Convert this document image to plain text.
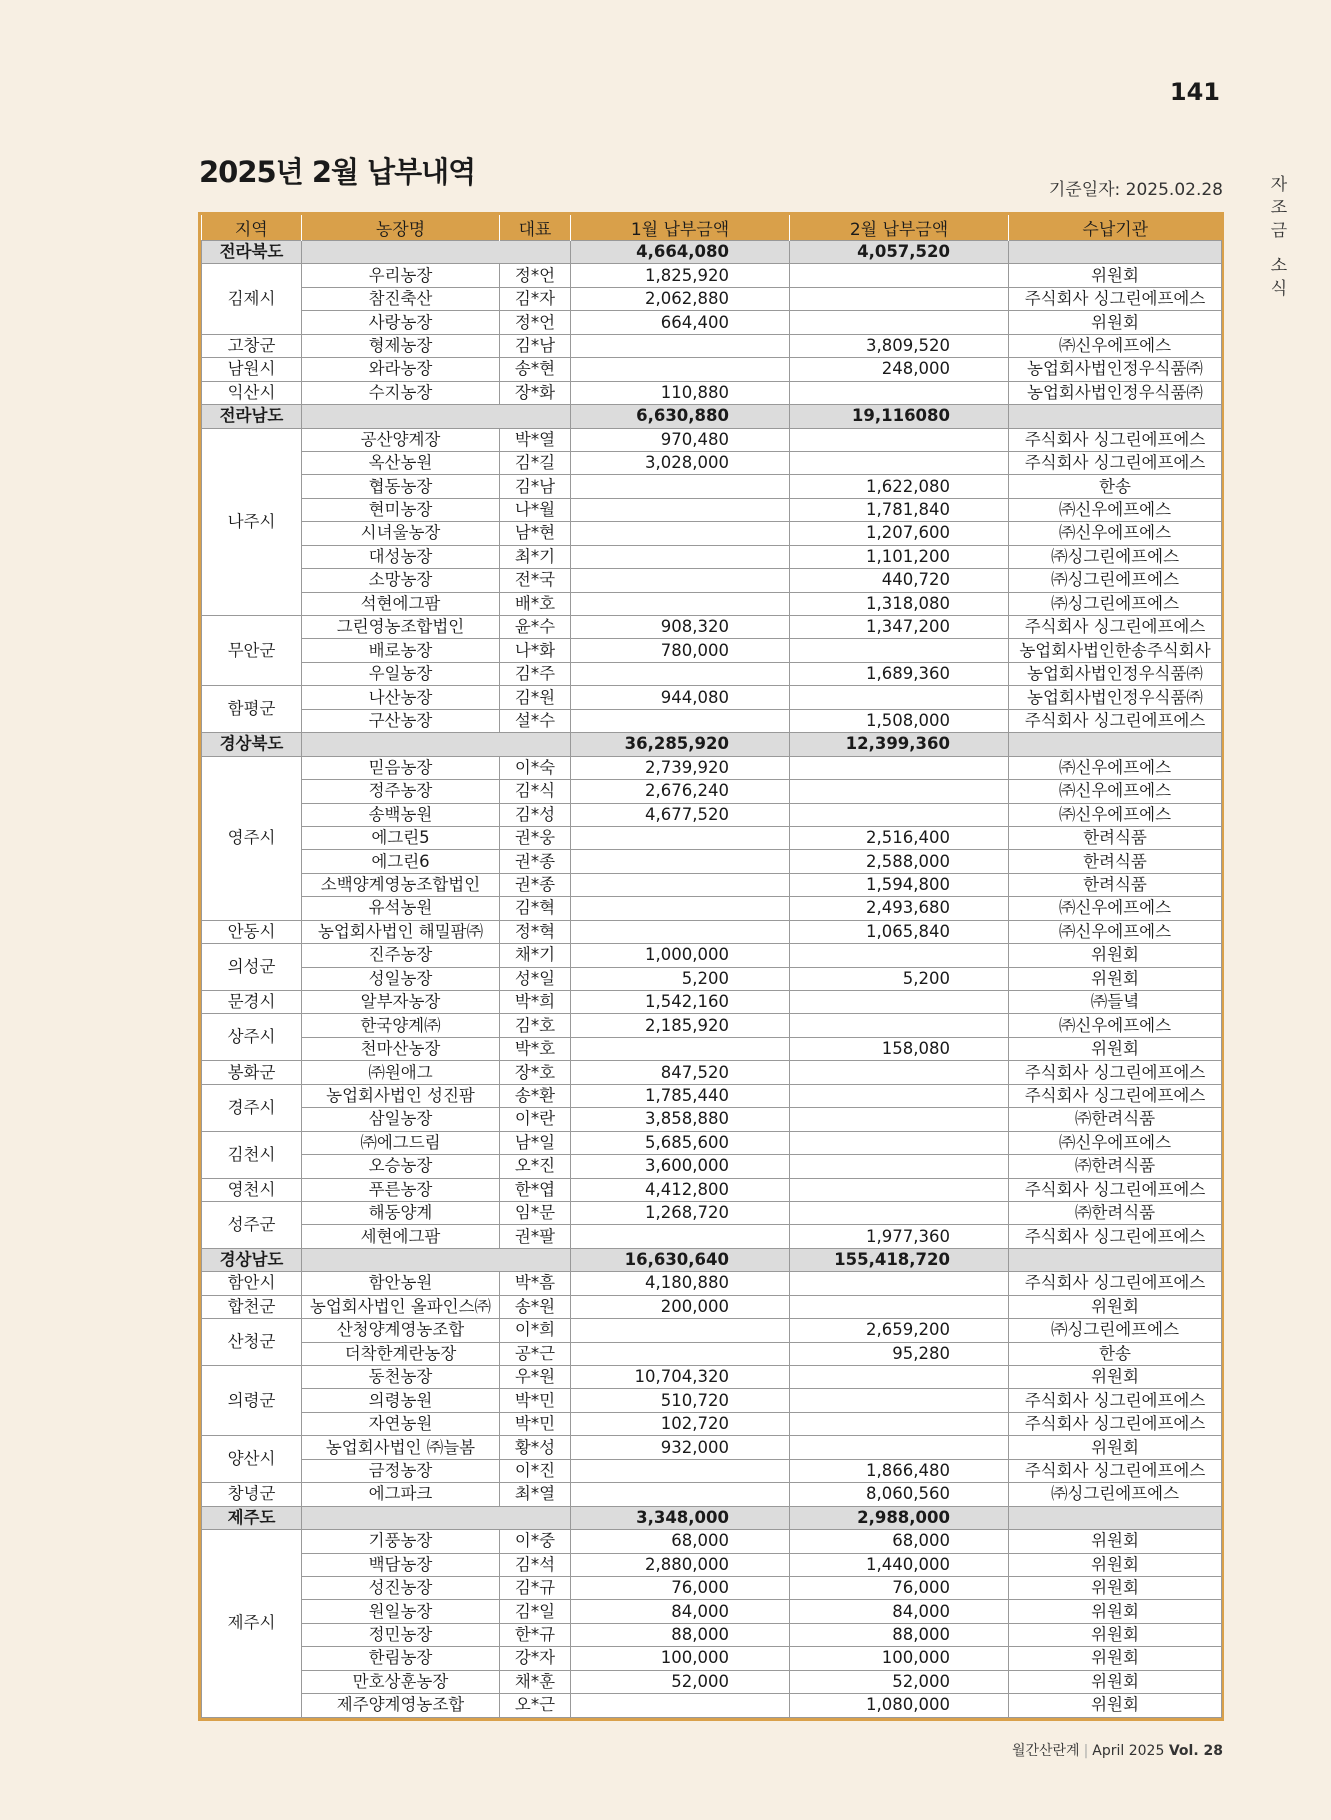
141
2025년 2월 납부내역
기준일자: 2025.02.28	자
조
금
소
식
지역	농장명	대표	1월 납부금액	2월 납부금액	수납기관
전라북도			4,664,080	4,057,520	
김제시	우리농장	정*언	1,825,920		위원회
	참진축산	김*자	2,062,880		주식회사 싱그린에프에스
	사랑농장	정*언	664,400		위원회
고창군	형제농장	김*남		3,809,520	㈜신우에프에스
남원시	와라농장	송*현		248,000	농업회사법인정우식품㈜
익산시	수지농장	장*화	110,880		농업회사법인정우식품㈜
전라남도			6,630,880	19,116080	
나주시	공산양계장	박*열	970,480		주식회사 싱그린에프에스
	옥산농원	김*길	3,028,000		주식회사 싱그린에프에스
	협동농장	김*남		1,622,080	한송
	현미농장	나*월		1,781,840	㈜신우에프에스
	시녀울농장	남*현		1,207,600	㈜신우에프에스
	대성농장	최*기		1,101,200	㈜싱그린에프에스
	소망농장	전*국		440,720	㈜싱그린에프에스
	석현에그팜	배*호		1,318,080	㈜싱그린에프에스
무안군	그린영농조합법인	윤*수	908,320	1,347,200	주식회사 싱그린에프에스
	배로농장	나*화	780,000		농업회사법인한송주식회사
	우일농장	김*주		1,689,360	농업회사법인정우식품㈜
함평군	나산농장	김*원	944,080		농업회사법인정우식품㈜
	구산농장	설*수		1,508,000	주식회사 싱그린에프에스
경상북도			36,285,920	12,399,360	
영주시	믿음농장	이*숙	2,739,920		㈜신우에프에스
	정주농장	김*식	2,676,240		㈜신우에프에스
	송백농원	김*성	4,677,520		㈜신우에프에스
	에그린5	권*웅		2,516,400	한려식품
	에그린6	권*종		2,588,000	한려식품
	소백양계영농조합법인	권*종		1,594,800	한려식품
	유석농원	김*혁		2,493,680	㈜신우에프에스
안동시	농업회사법인 해밀팜㈜	정*혁		1,065,840	㈜신우에프에스
의성군	진주농장	채*기	1,000,000		위원회
	성일농장	성*일	5,200	5,200	위원회
문경시	알부자농장	박*희	1,542,160		㈜들녘
상주시	한국양계㈜	김*호	2,185,920		㈜신우에프에스
	천마산농장	박*호		158,080	위원회
봉화군	㈜원애그	장*호	847,520		주식회사 싱그린에프에스
경주시	농업회사법인 성진팜	송*환	1,785,440		주식회사 싱그린에프에스
	삼일농장	이*란	3,858,880		㈜한려식품
김천시	㈜에그드림	남*일	5,685,600		㈜신우에프에스
	오승농장	오*진	3,600,000		㈜한려식품
영천시	푸른농장	한*엽	4,412,800		주식회사 싱그린에프에스
성주군	해동양계	임*문	1,268,720		㈜한려식품
	세현에그팜	권*팔		1,977,360	주식회사 싱그린에프에스
경상남도			16,630,640	155,418,720	
함안시	함안농원	박*흠	4,180,880		주식회사 싱그린에프에스
합천군	농업회사법인 올파인스㈜	송*원	200,000		위원회
산청군	산청양계영농조합	이*희		2,659,200	㈜싱그린에프에스
	더착한계란농장	공*근		95,280	한송
의령군	동천농장	우*원	10,704,320		위원회
	의령농원	박*민	510,720		주식회사 싱그린에프에스
	자연농원	박*민	102,720		주식회사 싱그린에프에스
양산시	농업회사법인 ㈜늘봄	황*성	932,000		위원회
	금정농장	이*진		1,866,480	주식회사 싱그린에프에스
창녕군	에그파크	최*열		8,060,560	㈜싱그린에프에스
제주도			3,348,000	2,988,000	
제주시	기풍농장	이*중	68,000	68,000	위원회
	백담농장	김*석	2,880,000	1,440,000	위원회
	성진농장	김*규	76,000	76,000	위원회
	원일농장	김*일	84,000	84,000	위원회
	정민농장	한*규	88,000	88,000	위원회
	한림농장	강*자	100,000	100,000	위원회
	만호상훈농장	채*훈	52,000	52,000	위원회
	제주양계영농조합	오*근		1,080,000	위원회
월간산란계 | April 2025 Vol. 28
